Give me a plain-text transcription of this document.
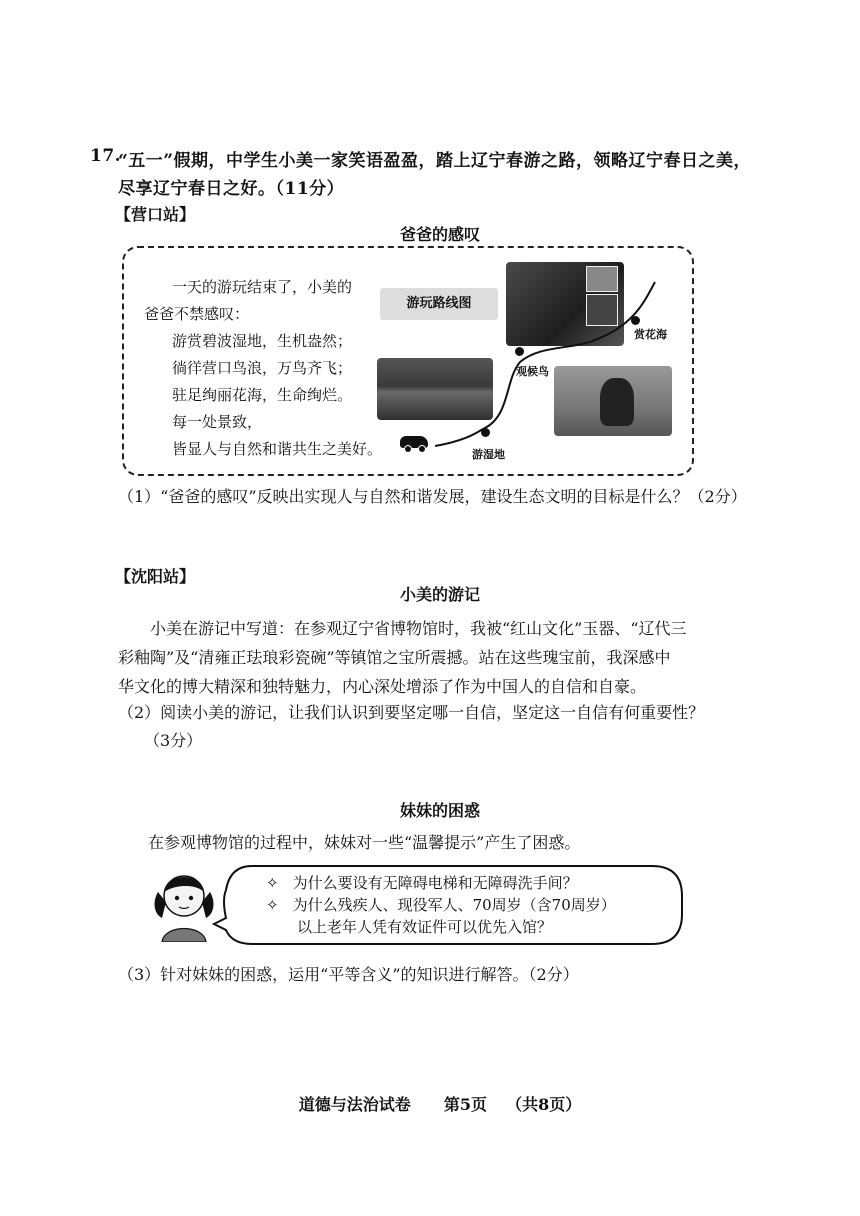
17.
“五一”假期，中学生小美一家笑语盈盈，踏上辽宁春游之路，领略辽宁春日之美，
尽享辽宁春日之好。（11分）
【营口站】
爸爸的感叹
一天的游玩结束了，小美的
爸爸不禁感叹：
游赏碧波湿地，生机盎然；
徜徉营口鸟浪，万鸟齐飞；
驻足绚丽花海，生命绚烂。
每一处景致，
皆显人与自然和谐共生之美好。
游玩路线图
游湿地
观候鸟
赏花海
（1）“爸爸的感叹”反映出实现人与自然和谐发展，建设生态文明的目标是什么？（2分）
【沈阳站】
小美的游记
小美在游记中写道：在参观辽宁省博物馆时，我被“红山文化”玉器、“辽代三
彩釉陶”及“清雍正珐琅彩瓷碗”等镇馆之宝所震撼。站在这些瑰宝前，我深感中
华文化的博大精深和独特魅力，内心深处增添了作为中国人的自信和自豪。
（2）阅读小美的游记，让我们认识到要坚定哪一自信，坚定这一自信有何重要性？
（3分）
妹妹的困惑
在参观博物馆的过程中，妹妹对一些“温馨提示”产生了困惑。
✧ 为什么要设有无障碍电梯和无障碍洗手间？
✧ 为什么残疾人、现役军人、70周岁（含70周岁）
以上老年人凭有效证件可以优先入馆？
（3）针对妹妹的困惑，运用“平等含义”的知识进行解答。（2分）
道德与法治试卷 第5页 （共8页）
